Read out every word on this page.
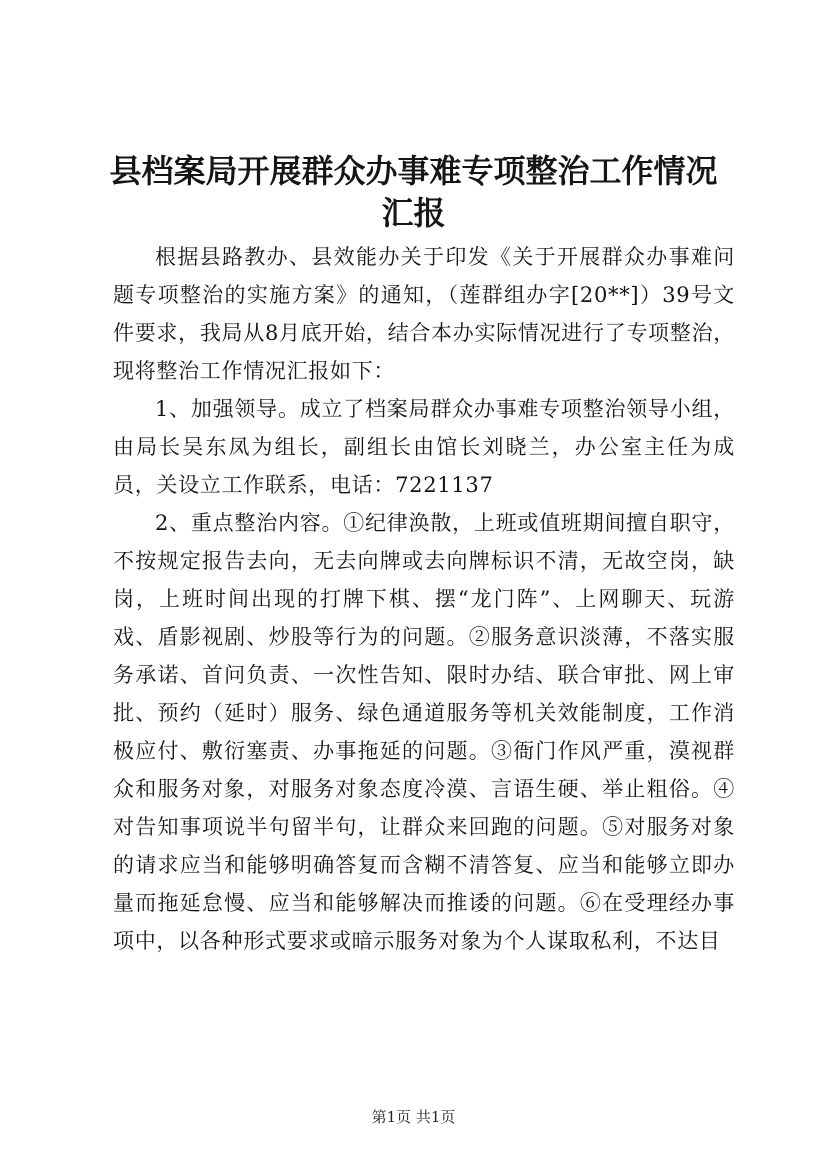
县档案局开展群众办事难专项整治工作情况汇报

根据县路教办、县效能办关于印发《关于开展群众办事难问题专项整治的实施方案》的通知，（莲群组办字[20**]）39号文件要求，我局从8月底开始，结合本办实际情况进行了专项整治，现将整治工作情况汇报如下：

1、加强领导。成立了档案局群众办事难专项整治领导小组，由局长吴东凤为组长，副组长由馆长刘晓兰，办公室主任为成员，关设立工作联系，电话：7221137

2、重点整治内容。①纪律涣散，上班或值班期间擅自职守，不按规定报告去向，无去向牌或去向牌标识不清，无故空岗，缺岗，上班时间出现的打牌下棋、摆“龙门阵”、上网聊天、玩游戏、盾影视剧、炒股等行为的问题。②服务意识淡薄，不落实服务承诺、首问负责、一次性告知、限时办结、联合审批、网上审批、预约（延时）服务、绿色通道服务等机关效能制度，工作消极应付、敷衍塞责、办事拖延的问题。③衙门作风严重，漠视群众和服务对象，对服务对象态度冷漠、言语生硬、举止粗俗。④对告知事项说半句留半句，让群众来回跑的问题。⑤对服务对象的请求应当和能够明确答复而含糊不清答复、应当和能够立即办量而拖延怠慢、应当和能够解决而推诿的问题。⑥在受理经办事项中，以各种形式要求或暗示服务对象为个人谋取私利，不达目

第1页 共1页
